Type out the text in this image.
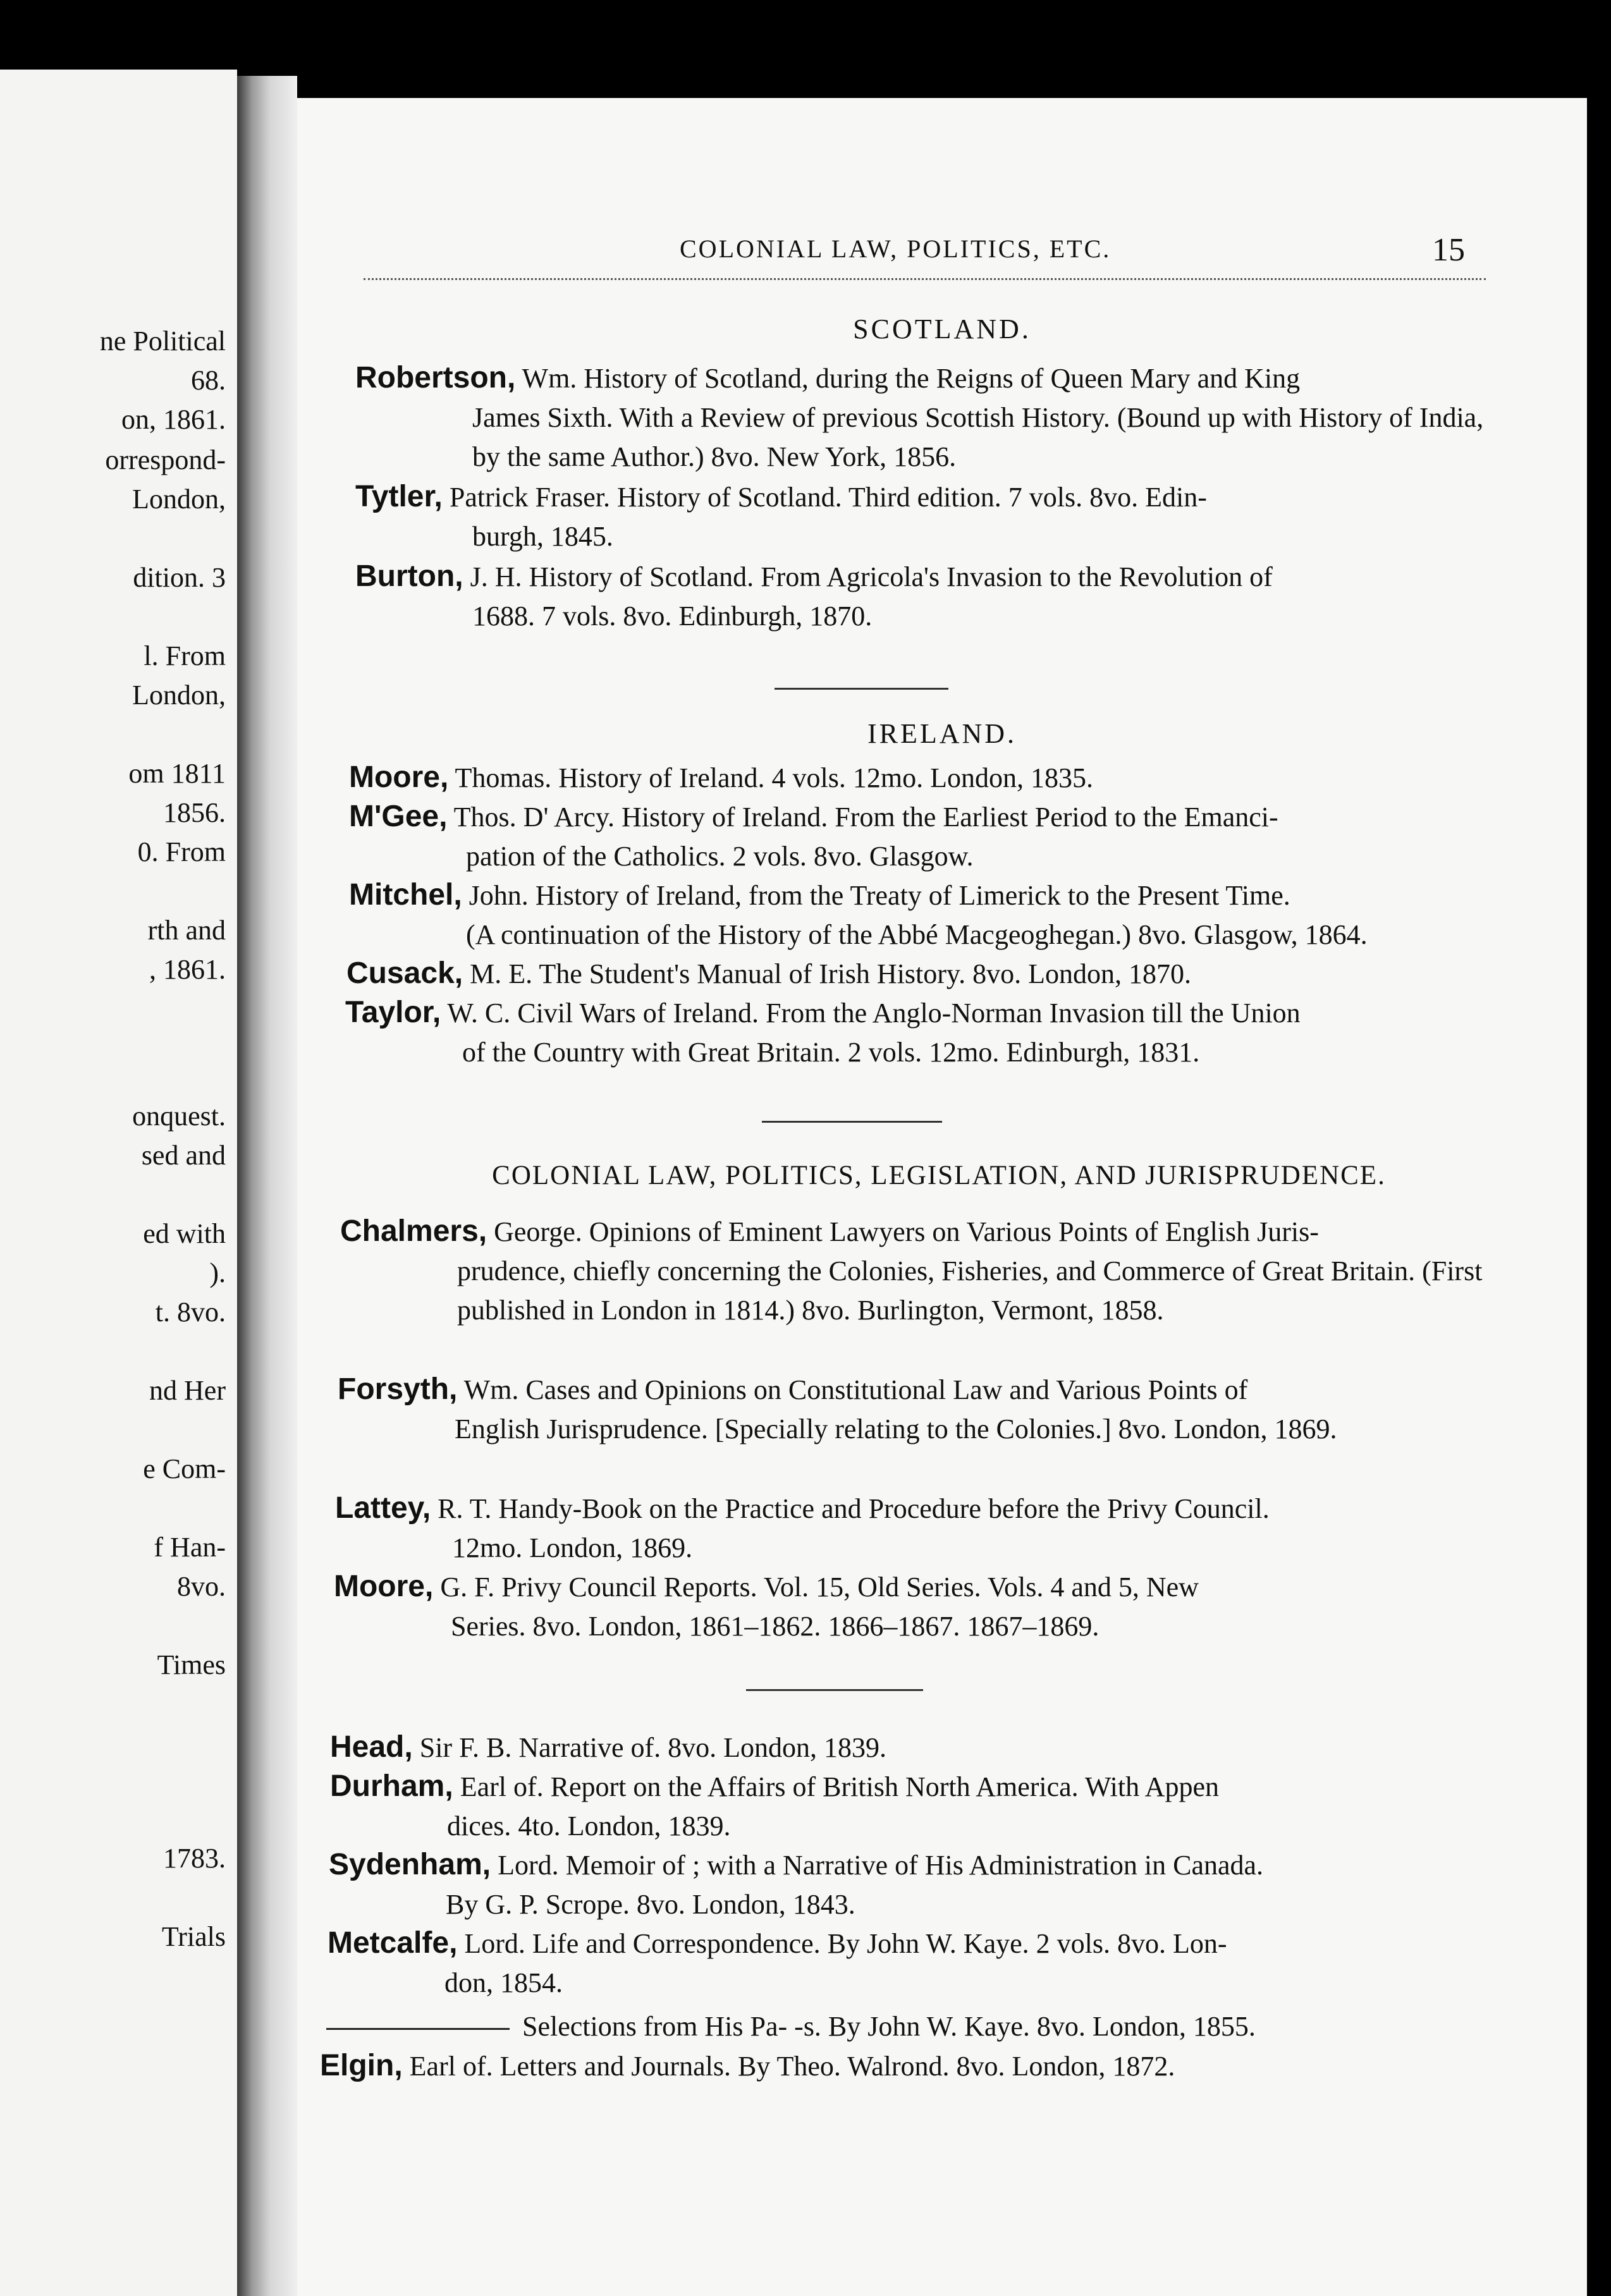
ne Political
68.
on, 1861.
orrespond-
London,
dition. 3
l. From
London,
om 1811
1856.
0. From
rth and
, 1861.
onquest.
sed and
ed with
).
t. 8vo.
nd Her
e Com-
f Han-
8vo.
Times
1783.
Trials
COLONIAL LAW, POLITICS, ETC.	15
SCOTLAND.
Robertson, Wm. History of Scotland, during the Reigns of Queen Mary and King
James Sixth. With a Review of previous Scottish History. (Bound up with History of India, by the same Author.) 8vo. New York, 1856.
Tytler, Patrick Fraser. History of Scotland. Third edition. 7 vols. 8vo. Edin-
burgh, 1845.
Burton, J. H. History of Scotland. From Agricola's Invasion to the Revolution of
1688. 7 vols. 8vo. Edinburgh, 1870.
IRELAND.
Moore, Thomas. History of Ireland. 4 vols. 12mo. London, 1835.
M'Gee, Thos. D' Arcy. History of Ireland. From the Earliest Period to the Emanci-
pation of the Catholics. 2 vols. 8vo. Glasgow.
Mitchel, John. History of Ireland, from the Treaty of Limerick to the Present Time.
(A continuation of the History of the Abbé Macgeoghegan.) 8vo. Glasgow, 1864.
Cusack, M. E. The Student's Manual of Irish History. 8vo. London, 1870.
Taylor, W. C. Civil Wars of Ireland. From the Anglo-Norman Invasion till the Union
of the Country with Great Britain. 2 vols. 12mo. Edinburgh, 1831.
COLONIAL LAW, POLITICS, LEGISLATION, AND JURISPRUDENCE.
Chalmers, George. Opinions of Eminent Lawyers on Various Points of English Juris-
prudence, chiefly concerning the Colonies, Fisheries, and Commerce of Great Britain. (First published in London in 1814.) 8vo. Burlington, Vermont, 1858.
Forsyth, Wm. Cases and Opinions on Constitutional Law and Various Points of
English Jurisprudence. [Specially relating to the Colonies.] 8vo. London, 1869.
Lattey, R. T. Handy-Book on the Practice and Procedure before the Privy Council.
12mo. London, 1869.
Moore, G. F. Privy Council Reports. Vol. 15, Old Series. Vols. 4 and 5, New
Series. 8vo. London, 1861–1862. 1866–1867. 1867–1869.
Head, Sir F. B. Narrative of. 8vo. London, 1839.
Durham, Earl of. Report on the Affairs of British North America. With Appen
dices. 4to. London, 1839.
Sydenham, Lord. Memoir of ; with a Narrative of His Administration in Canada.
By G. P. Scrope. 8vo. London, 1843.
Metcalfe, Lord. Life and Correspondence. By John W. Kaye. 2 vols. 8vo. Lon-
don, 1854.
Selections from His Pa- -s. By John W. Kaye. 8vo. London, 1855.
Elgin, Earl of. Letters and Journals. By Theo. Walrond. 8vo. London, 1872.
